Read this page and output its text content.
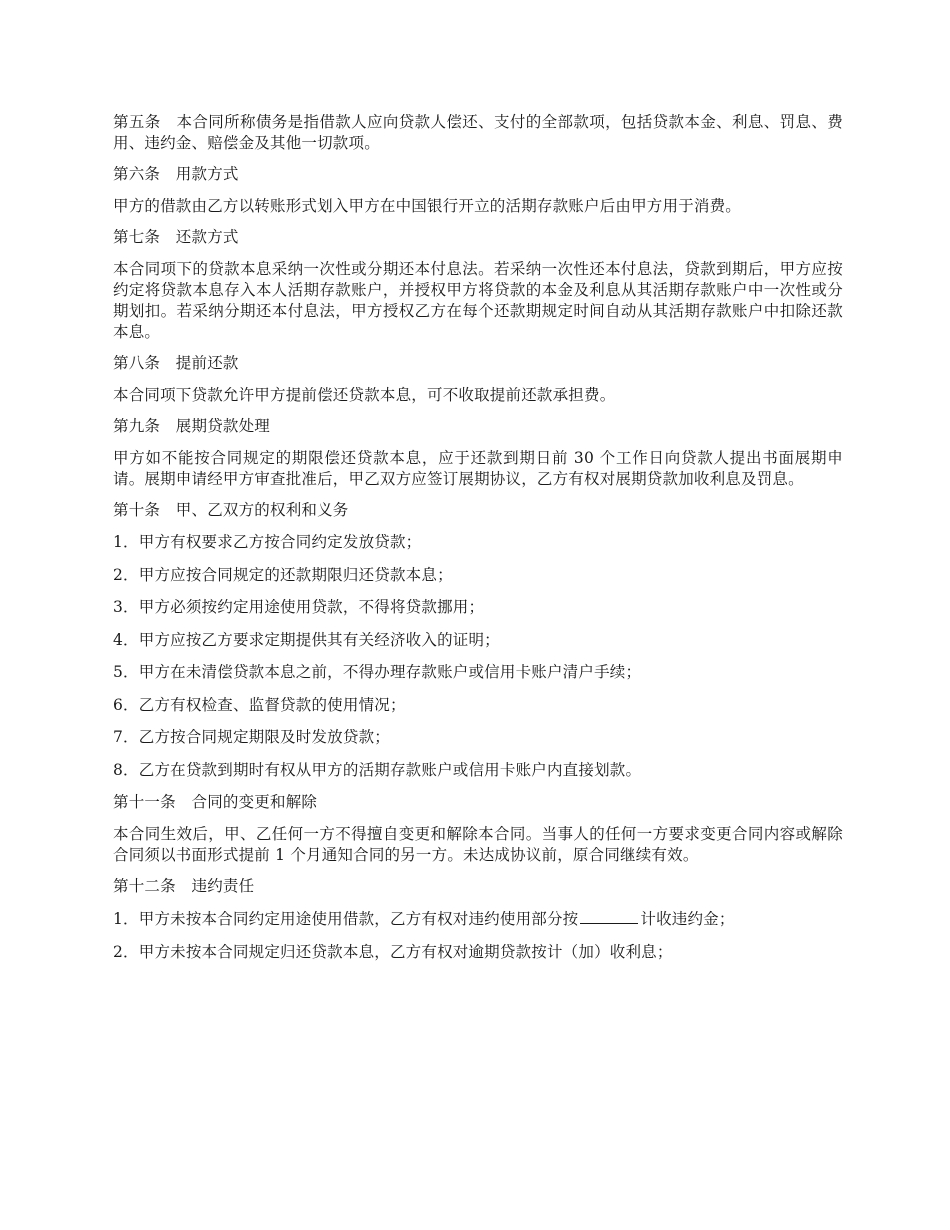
第五条　本合同所称债务是指借款人应向贷款人偿还、支付的全部款项，包括贷款本金、利息、罚息、费用、违约金、赔偿金及其他一切款项。

第六条　用款方式

甲方的借款由乙方以转账形式划入甲方在中国银行开立的活期存款账户后由甲方用于消费。

第七条　还款方式

本合同项下的贷款本息采纳一次性或分期还本付息法。若采纳一次性还本付息法，贷款到期后，甲方应按约定将贷款本息存入本人活期存款账户，并授权甲方将贷款的本金及利息从其活期存款账户中一次性或分期划扣。若采纳分期还本付息法，甲方授权乙方在每个还款期规定时间自动从其活期存款账户中扣除还款本息。

第八条　提前还款

本合同项下贷款允许甲方提前偿还贷款本息，可不收取提前还款承担费。

第九条　展期贷款处理

甲方如不能按合同规定的期限偿还贷款本息，应于还款到期日前 30 个工作日向贷款人提出书面展期申请。展期申请经甲方审查批准后，甲乙双方应签订展期协议，乙方有权对展期贷款加收利息及罚息。

第十条　甲、乙双方的权利和义务

1．甲方有权要求乙方按合同约定发放贷款；

2．甲方应按合同规定的还款期限归还贷款本息；

3．甲方必须按约定用途使用贷款，不得将贷款挪用；

4．甲方应按乙方要求定期提供其有关经济收入的证明；

5．甲方在未清偿贷款本息之前，不得办理存款账户或信用卡账户清户手续；

6．乙方有权检查、监督贷款的使用情况；

7．乙方按合同规定期限及时发放贷款；

8．乙方在贷款到期时有权从甲方的活期存款账户或信用卡账户内直接划款。

第十一条　合同的变更和解除

本合同生效后，甲、乙任何一方不得擅自变更和解除本合同。当事人的任何一方要求变更合同内容或解除合同须以书面形式提前 1 个月通知合同的另一方。未达成协议前，原合同继续有效。

第十二条　违约责任

1．甲方未按本合同约定用途使用借款，乙方有权对违约使用部分按	计收违约金；

2．甲方未按本合同规定归还贷款本息，乙方有权对逾期贷款按计（加）收利息；
